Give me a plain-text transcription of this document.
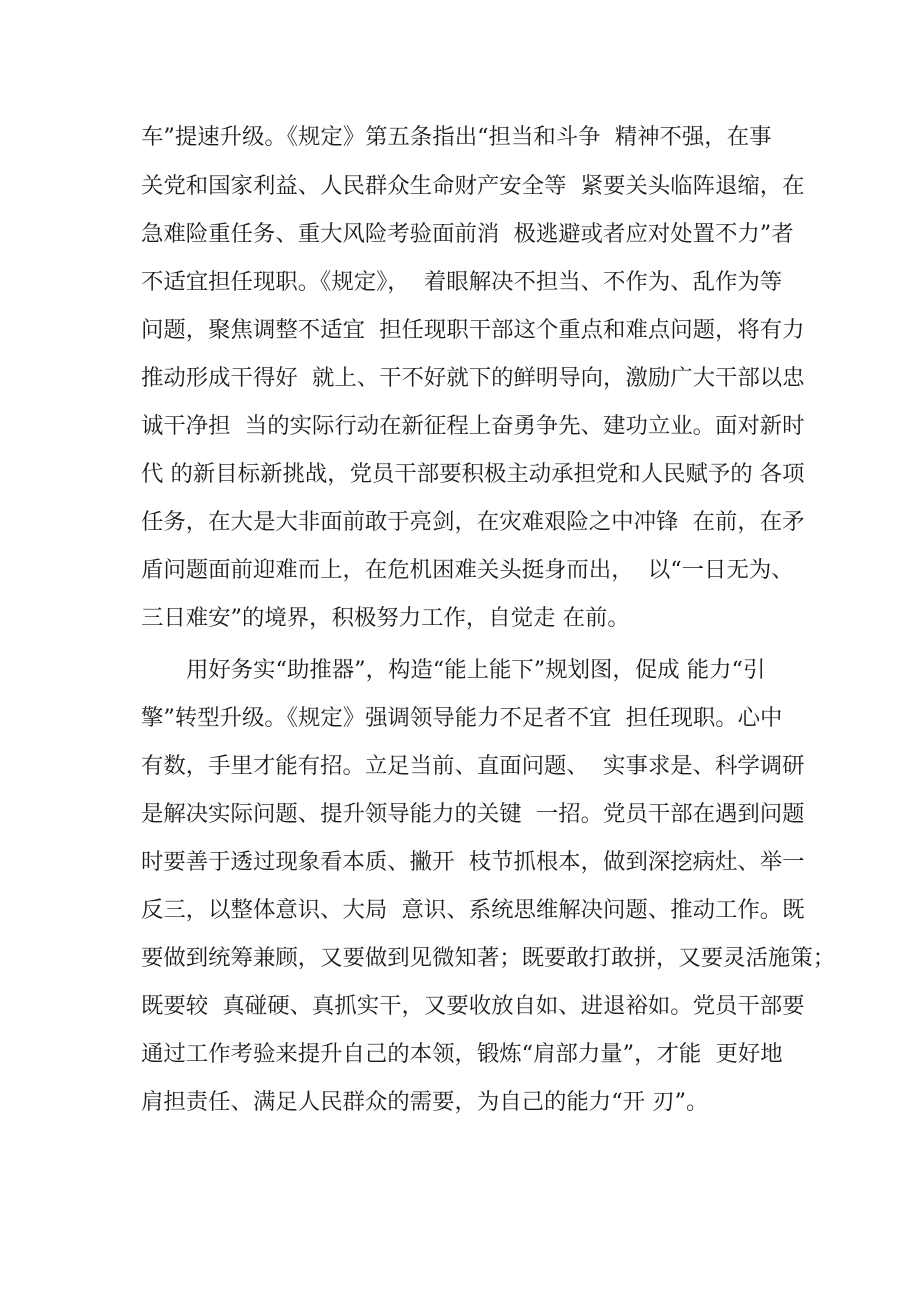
车”提速升级。《规定》第五条指出“担当和斗争  精神不强，在事

关党和国家利益、人民群众生命财产安全等  紧要关头临阵退缩，在

急难险重任务、重大风险考验面前消  极逃避或者应对处置不力”者

不适宜担任现职。《规定》，  着眼解决不担当、不作为、乱作为等

问题，聚焦调整不适宜  担任现职干部这个重点和难点问题，将有力

推动形成干得好  就上、干不好就下的鲜明导向，激励广大干部以忠

诚干净担  当的实际行动在新征程上奋勇争先、建功立业。面对新时

代 的新目标新挑战，党员干部要积极主动承担党和人民赋予的 各项

任务，在大是大非面前敢于亮剑，在灾难艰险之中冲锋  在前，在矛

盾问题面前迎难而上，在危机困难关头挺身而出，  以“一日无为、

三日难安”的境界，积极努力工作，自觉走 在前。

用好务实“助推器”，构造“能上能下”规划图，促成 能力“引

擎”转型升级。《规定》强调领导能力不足者不宜  担任现职。心中

有数，手里才能有招。立足当前、直面问题、  实事求是、科学调研

是解决实际问题、提升领导能力的关键  一招。党员干部在遇到问题

时要善于透过现象看本质、撇开  枝节抓根本，做到深挖病灶、举一

反三，以整体意识、大局  意识、系统思维解决问题、推动工作。既

要做到统筹兼顾，又要做到见微知著；既要敢打敢拼，又要灵活施策；

既要较  真碰硬、真抓实干，又要收放自如、进退裕如。党员干部要

通过工作考验来提升自己的本领，锻炼“肩部力量”，才能  更好地

肩担责任、满足人民群众的需要，为自己的能力“开 刃”。
